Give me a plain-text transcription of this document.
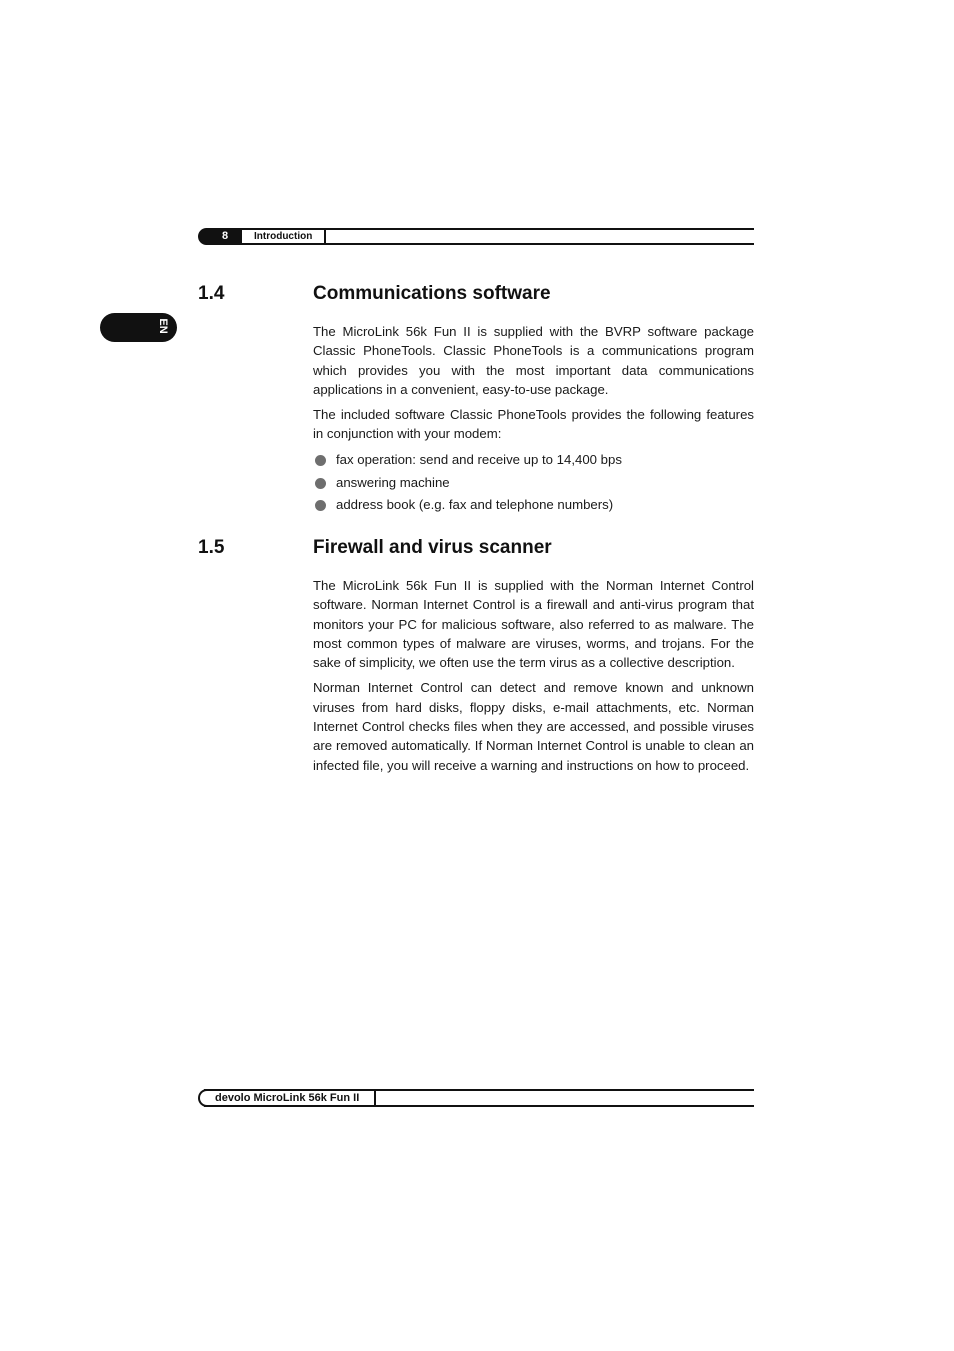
8	Introduction
EN
1.4	Communications software

The MicroLink 56k Fun II is supplied with the BVRP software package Classic PhoneTools. Classic PhoneTools is a communications program which provides you with the most important data communications applications in a convenient, easy-to-use package.

The included software Classic PhoneTools provides the following features in conjunction with your modem:

fax operation: send and receive up to 14,400 bps
answering machine
address book (e.g. fax and telephone numbers)
1.5	Firewall and virus scanner

The MicroLink 56k Fun II is supplied with the Norman Internet Control software. Norman Internet Control is a firewall and anti-virus program that monitors your PC for malicious software, also referred to as malware. The most common types of malware are viruses, worms, and trojans. For the sake of simplicity, we often use the term virus as a collective description.

Norman Internet Control can detect and remove known and unknown viruses from hard disks, floppy disks, e-mail attachments, etc. Norman Internet Control checks files when they are accessed, and possible viruses are removed automatically. If Norman Internet Control is unable to clean an infected file, you will receive a warning and instructions on how to proceed.

devolo MicroLink 56k Fun II
